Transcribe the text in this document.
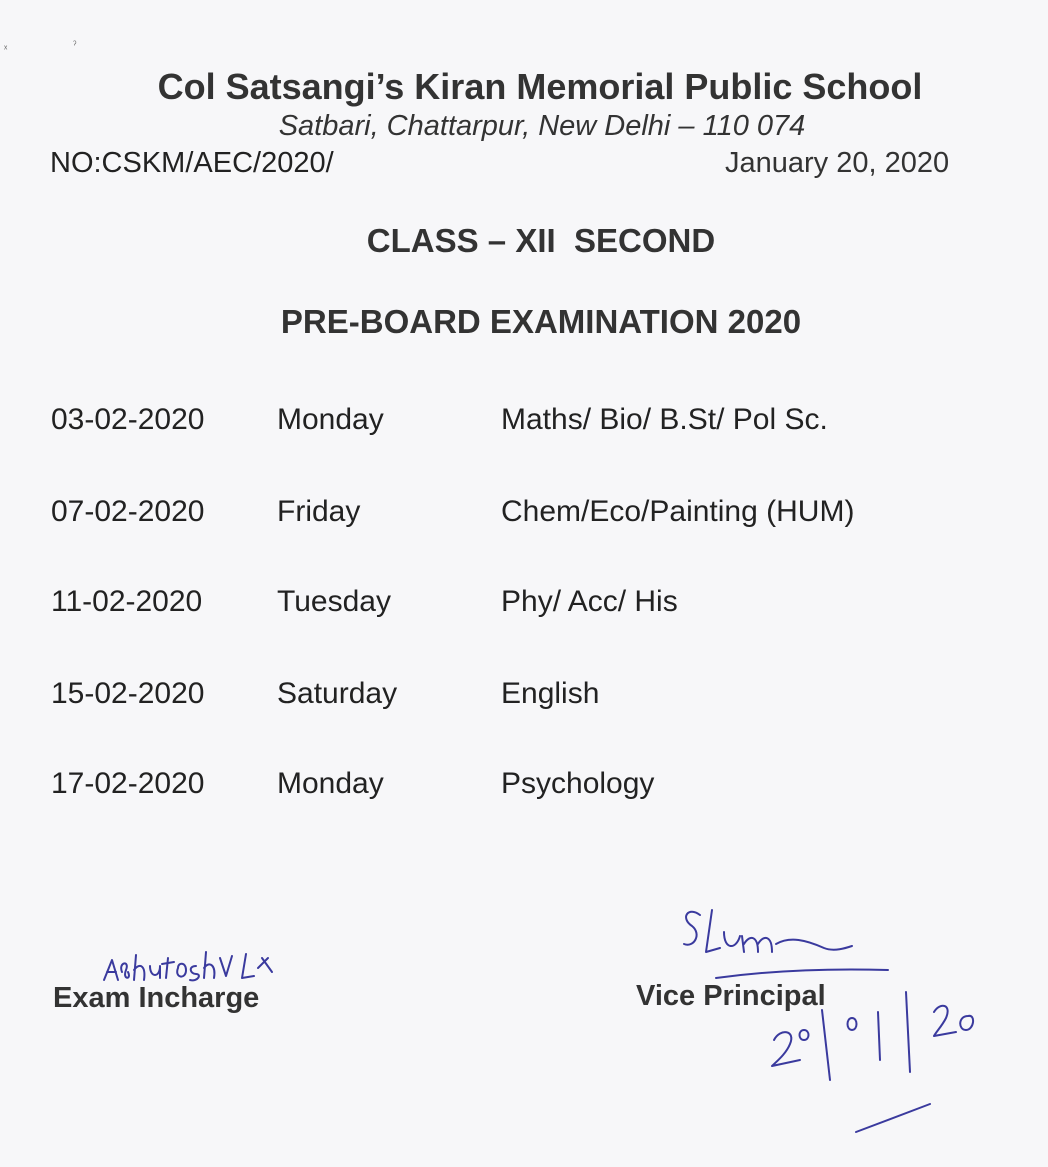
ˣ	ˀ
Col Satsangi’s Kiran Memorial Public School
Satbari, Chattarpur, New Delhi – 110 074
NO:CSKM/AEC/2020/	January 20, 2020
CLASS – XII  SECOND
PRE-BOARD EXAMINATION 2020
03-02-2020 Monday	Maths/ Bio/ B.St/ Pol Sc.
07-02-2020 Friday	Chem/Eco/Painting (HUM)
11-02-2020 Tuesday	Phy/ Acc/ His
15-02-2020 Saturday	English
17-02-2020 Monday	Psychology
Exam Incharge	Vice Principal
